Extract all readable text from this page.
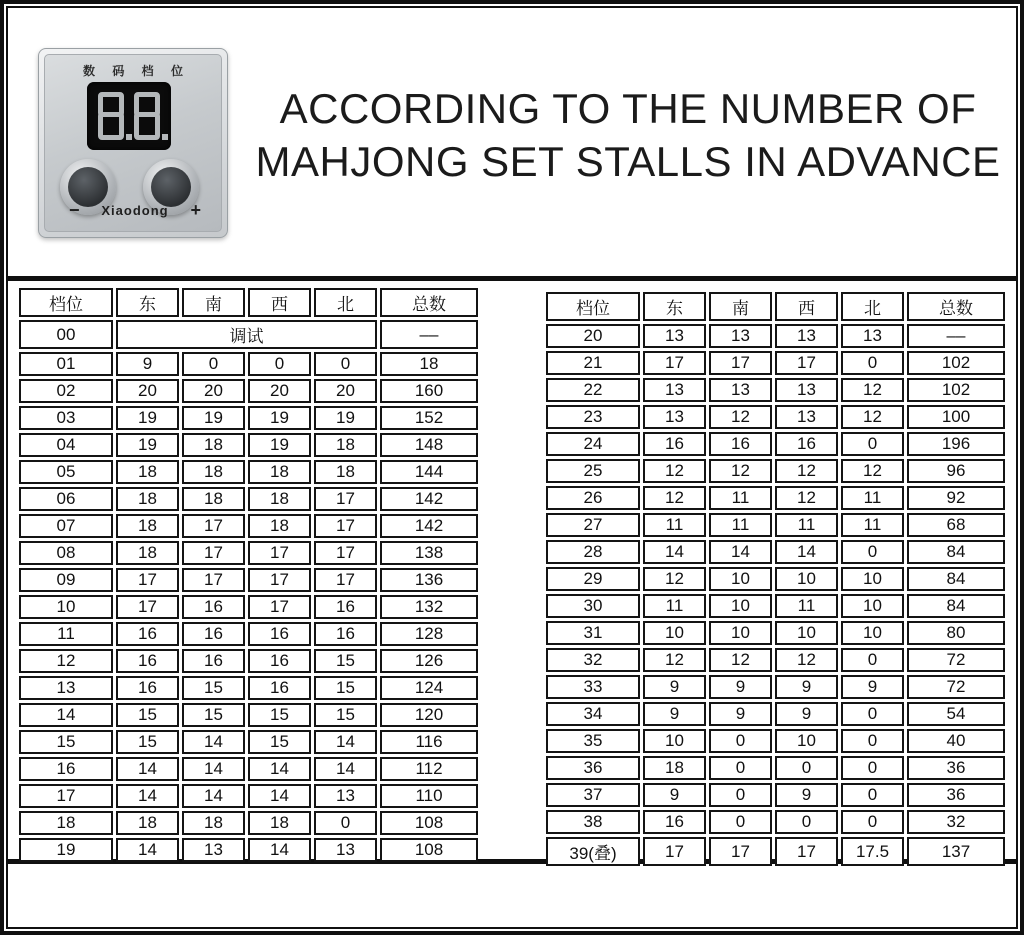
数 码 档 位
− Xiaodong +
ACCORDING TO THE NUMBER OF
MAHJONG SET STALLS IN ADVANCE
档位	东	南	西	北	总数
00	调试				––
01	9	0	0	0	18
02	20	20	20	20	160
03	19	19	19	19	152
04	19	18	19	18	148
05	18	18	18	18	144
06	18	18	18	17	142
07	18	17	18	17	142
08	18	17	17	17	138
09	17	17	17	17	136
10	17	16	17	16	132
11	16	16	16	16	128
12	16	16	16	15	126
13	16	15	16	15	124
14	15	15	15	15	120
15	15	14	15	14	116
16	14	14	14	14	112
17	14	14	14	13	110
18	18	18	18	0	108
19	14	13	14	13	108
档位	东	南	西	北	总数
20	13	13	13	13	––
21	17	17	17	0	102
22	13	13	13	12	102
23	13	12	13	12	100
24	16	16	16	0	196
25	12	12	12	12	96
26	12	11	12	11	92
27	11	11	11	11	68
28	14	14	14	0	84
29	12	10	10	10	84
30	11	10	11	10	84
31	10	10	10	10	80
32	12	12	12	0	72
33	9	9	9	9	72
34	9	9	9	0	54
35	10	0	10	0	40
36	18	0	0	0	36
37	9	0	9	0	36
38	16	0	0	0	32
39(叠)	17	17	17	17.5	137
